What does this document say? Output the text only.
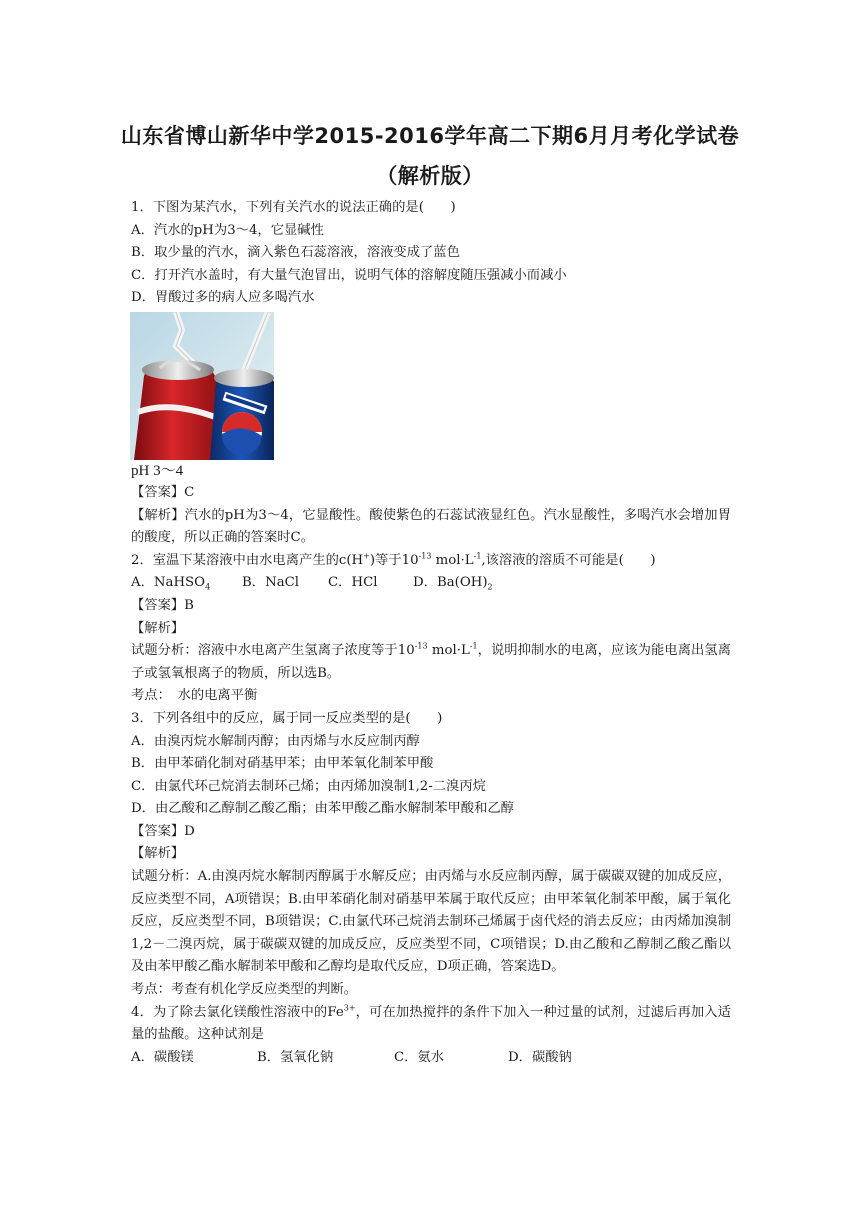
山东省博山新华中学2015-2016学年高二下期6月月考化学试卷
（解析版）

1．下图为某汽水，下列有关汽水的说法正确的是(　　)

A．汽水的pH为3～4，它显碱性

B．取少量的汽水，滴入紫色石蕊溶液，溶液变成了蓝色

C．打开汽水盖时，有大量气泡冒出，说明气体的溶解度随压强减小而减小

D．胃酸过多的病人应多喝汽水

pH 3～4

【答案】C

【解析】汽水的pH为3～4，它显酸性。酸使紫色的石蕊试液显红色。汽水显酸性，多喝汽水会增加胃的酸度，所以正确的答案时C。

2．室温下某溶液中由水电离产生的c(H+)等于$10^{-13}$ $mol\cdot L^{-1}$,该溶液的溶质不可能是(　　)

A．NaHSO$_4$ B．NaCl C．HCl	D．$Ba(OH)_2$

【答案】B

【解析】

试题分析：溶液中水电离产生氢离子浓度等于$10^{-13}$ $mol\cdot L^{-1}$，说明抑制水的电离，应该为能电离出氢离子或氢氧根离子的物质，所以选B。

考点：　水的电离平衡

3．下列各组中的反应，属于同一反应类型的是(　　)

A．由溴丙烷水解制丙醇；由丙烯与水反应制丙醇

B．由甲苯硝化制对硝基甲苯；由甲苯氧化制苯甲酸

C．由氯代环己烷消去制环己烯；由丙烯加溴制1,2-二溴丙烷

D．由乙酸和乙醇制乙酸乙酯；由苯甲酸乙酯水解制苯甲酸和乙醇

【答案】D

【解析】

试题分析：A.由溴丙烷水解制丙醇属于水解反应；由丙烯与水反应制丙醇，属于碳碳双键的加成反应，反应类型不同，A项错误；B.由甲苯硝化制对硝基甲苯属于取代反应；由甲苯氧化制苯甲酸，属于氧化反应，反应类型不同，B项错误；C.由氯代环己烷消去制环己烯属于卤代烃的消去反应；由丙烯加溴制1,2－二溴丙烷，属于碳碳双键的加成反应，反应类型不同，C项错误；D.由乙酸和乙醇制乙酸乙酯以及由苯甲酸乙酯水解制苯甲酸和乙醇均是取代反应，D项正确，答案选D。

考点：考查有机化学反应类型的判断。

4．为了除去氯化镁酸性溶液中的$Fe^{3+}$，可在加热搅拌的条件下加入一种过量的试剂，过滤后再加入适量的盐酸。这种试剂是

A．碳酸镁	B．氢氧化钠	C．氨水	D．碳酸钠
